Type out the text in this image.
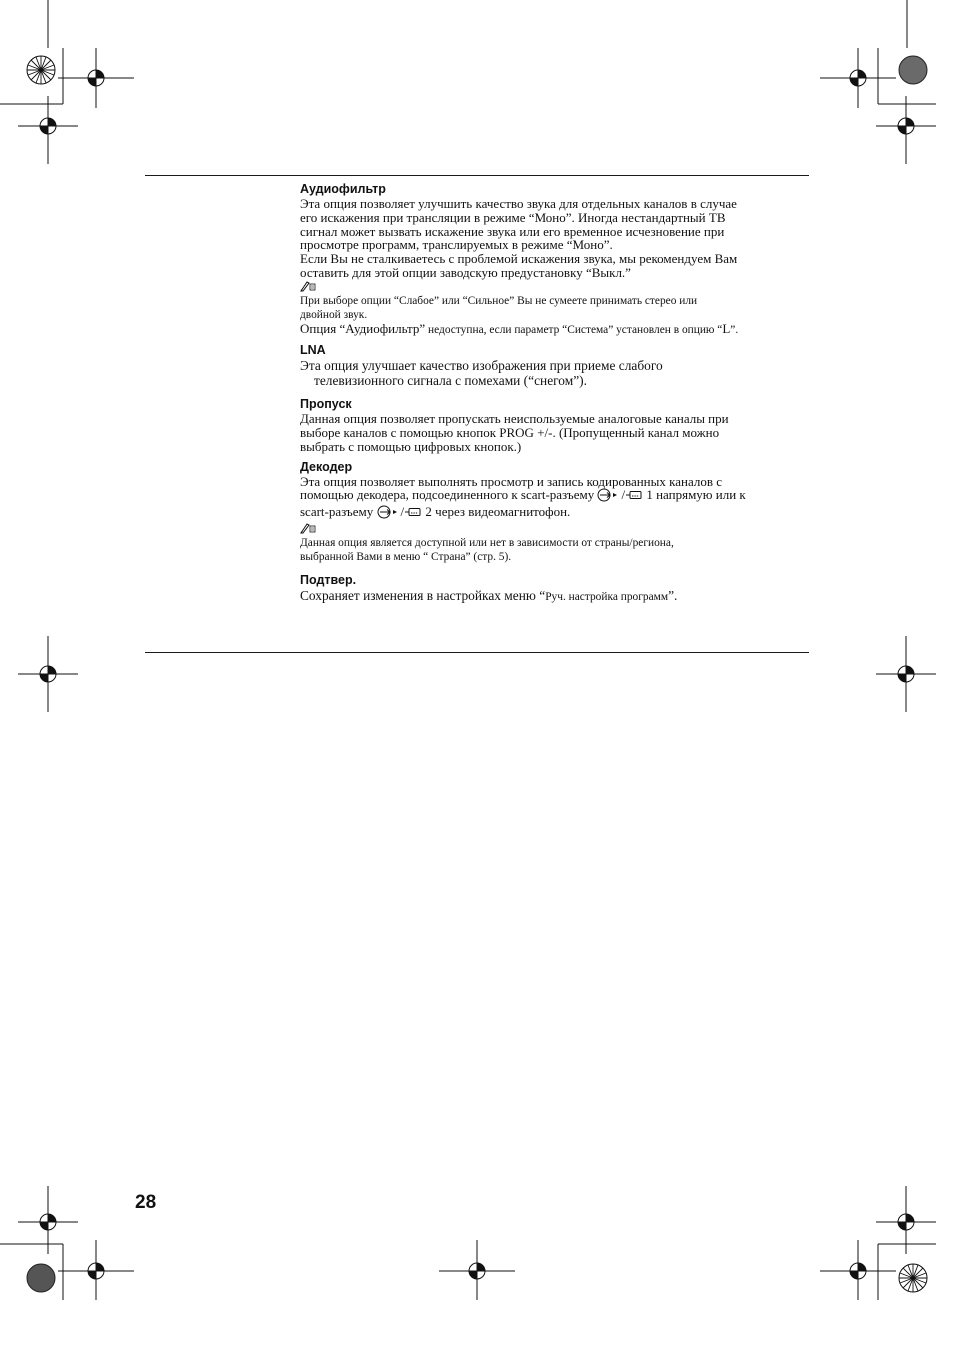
Аудиофильтр

Эта опция позволяет улучшить качество звука для отдельных каналов в случае

его искажения при трансляции в режиме “Моно”. Иногда нестандартный ТВ

сигнал может вызвать искажение звука или его временное исчезновение при

просмотре программ, транслируемых в режиме “Моно”.

Если Вы не сталкиваетесь с проблемой искажения звука, мы рекомендуем Вам

оставить для этой опции заводскую предустановку “Выкл.”

При выборе опции “Слабое” или “Сильное” Вы не сумеете принимать стерео или

двойной звук.

Опция “Аудиофильтр” недоступна, если параметр “Система” установлен в опцию “L”.

LNA

Эта опция улучшает качество изображения при приеме слабого

телевизионного сигнала с помехами (“снегом”).

Пропуск

Данная опция позволяет пропускать неиспользуемые аналоговые каналы при

выборе каналов с помощью кнопок PROG +/-. (Пропущенный канал можно

выбрать с помощью цифровых кнопок.)

Декодер

Эта опция позволяет выполнять просмотр и запись кодированных каналов с

помощью декодера, подсоединенного к scart-разъему / 1 напрямую или к

scart-разъему / 2 через видеомагнитофон.

Данная опция является доступной или нет в зависимости от страны/региона,

выбранной Вами в меню “ Страна” (стр. 5).

Подтвер.

Сохраняет изменения в настройках меню “Руч. настройка программ”.

28
